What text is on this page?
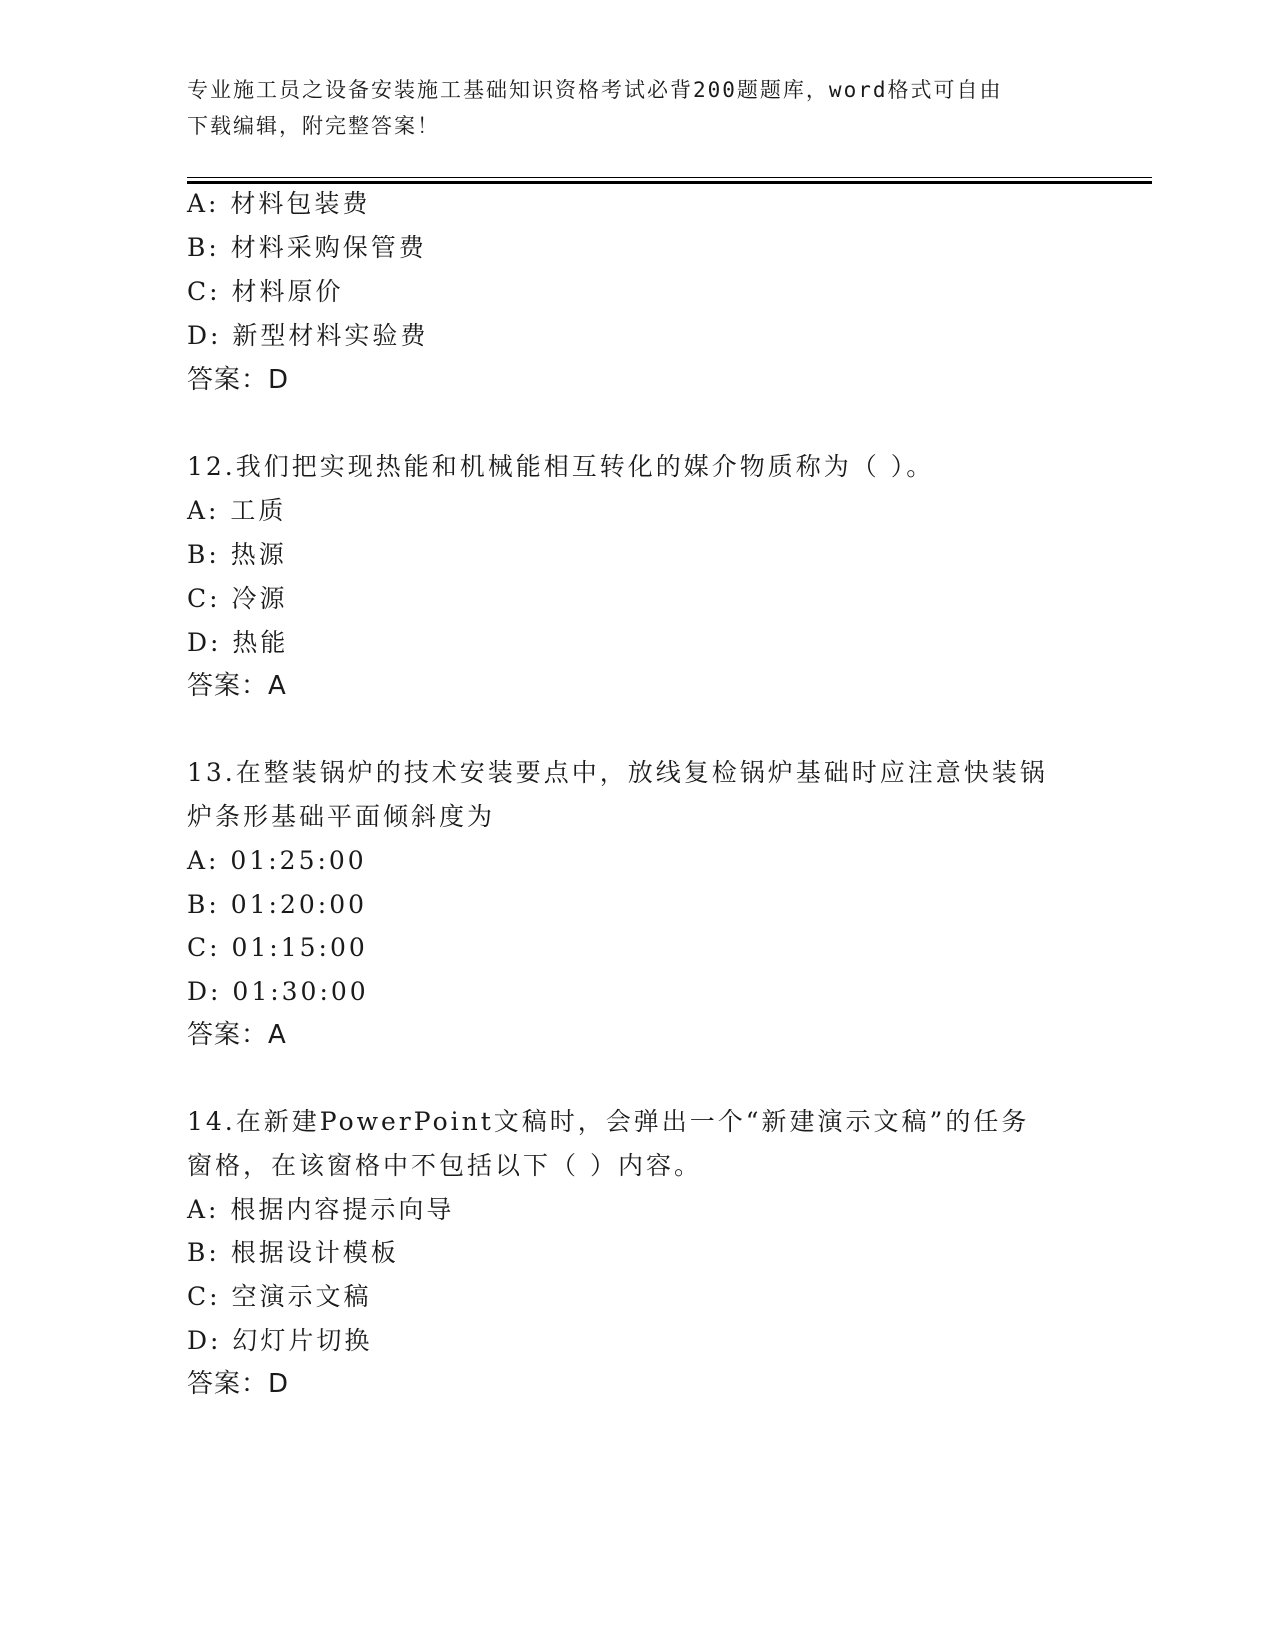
专业施工员之设备安装施工基础知识资格考试必背200题题库，word格式可自由
下载编辑，附完整答案！
A: 材料包装费
B: 材料采购保管费
C: 材料原价
D: 新型材料实验费
答案：D
12.我们把实现热能和机械能相互转化的媒介物质称为（ ）。
A: 工质
B: 热源
C: 冷源
D: 热能
答案：A
13.在整装锅炉的技术安装要点中，放线复检锅炉基础时应注意快装锅
炉条形基础平面倾斜度为
A: 01:25:00
B: 01:20:00
C: 01:15:00
D: 01:30:00
答案：A
14.在新建PowerPoint文稿时，会弹出一个“新建演示文稿”的任务
窗格，在该窗格中不包括以下（ ）内容。
A: 根据内容提示向导
B: 根据设计模板
C: 空演示文稿
D: 幻灯片切换
答案：D
